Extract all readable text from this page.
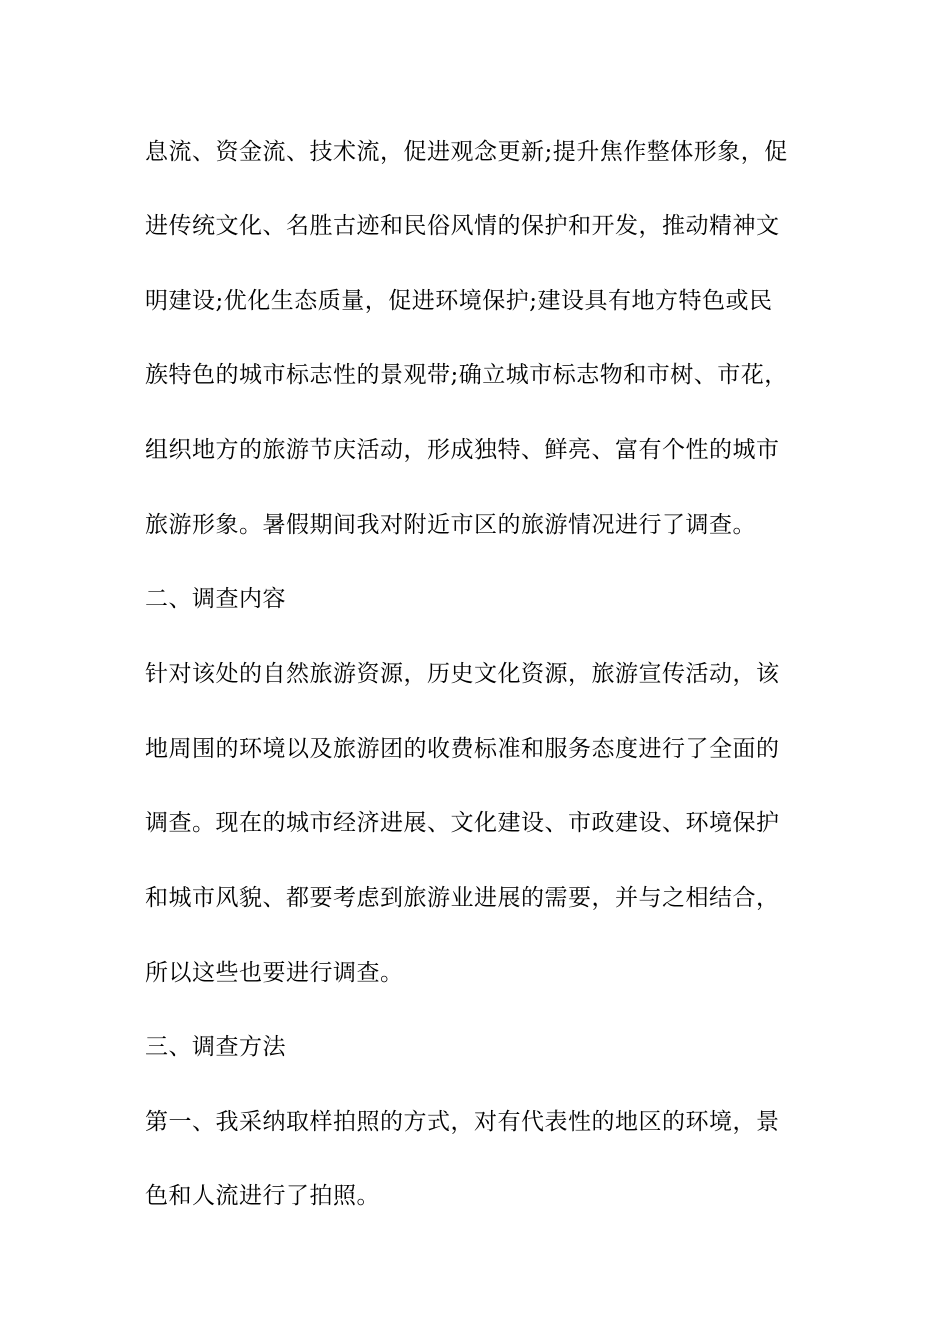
息流、资金流、技术流，促进观念更新;提升焦作整体形象，促
进传统文化、名胜古迹和民俗风情的保护和开发，推动精神文
明建设;优化生态质量，促进环境保护;建设具有地方特色或民
族特色的城市标志性的景观带;确立城市标志物和市树、市花，
组织地方的旅游节庆活动，形成独特、鲜亮、富有个性的城市
旅游形象。暑假期间我对附近市区的旅游情况进行了调查。
二、调查内容
针对该处的自然旅游资源，历史文化资源，旅游宣传活动，该
地周围的环境以及旅游团的收费标准和服务态度进行了全面的
调查。现在的城市经济进展、文化建设、市政建设、环境保护
和城市风貌、都要考虑到旅游业进展的需要，并与之相结合，
所以这些也要进行调查。
三、调查方法
第一、我采纳取样拍照的方式，对有代表性的地区的环境，景
色和人流进行了拍照。
